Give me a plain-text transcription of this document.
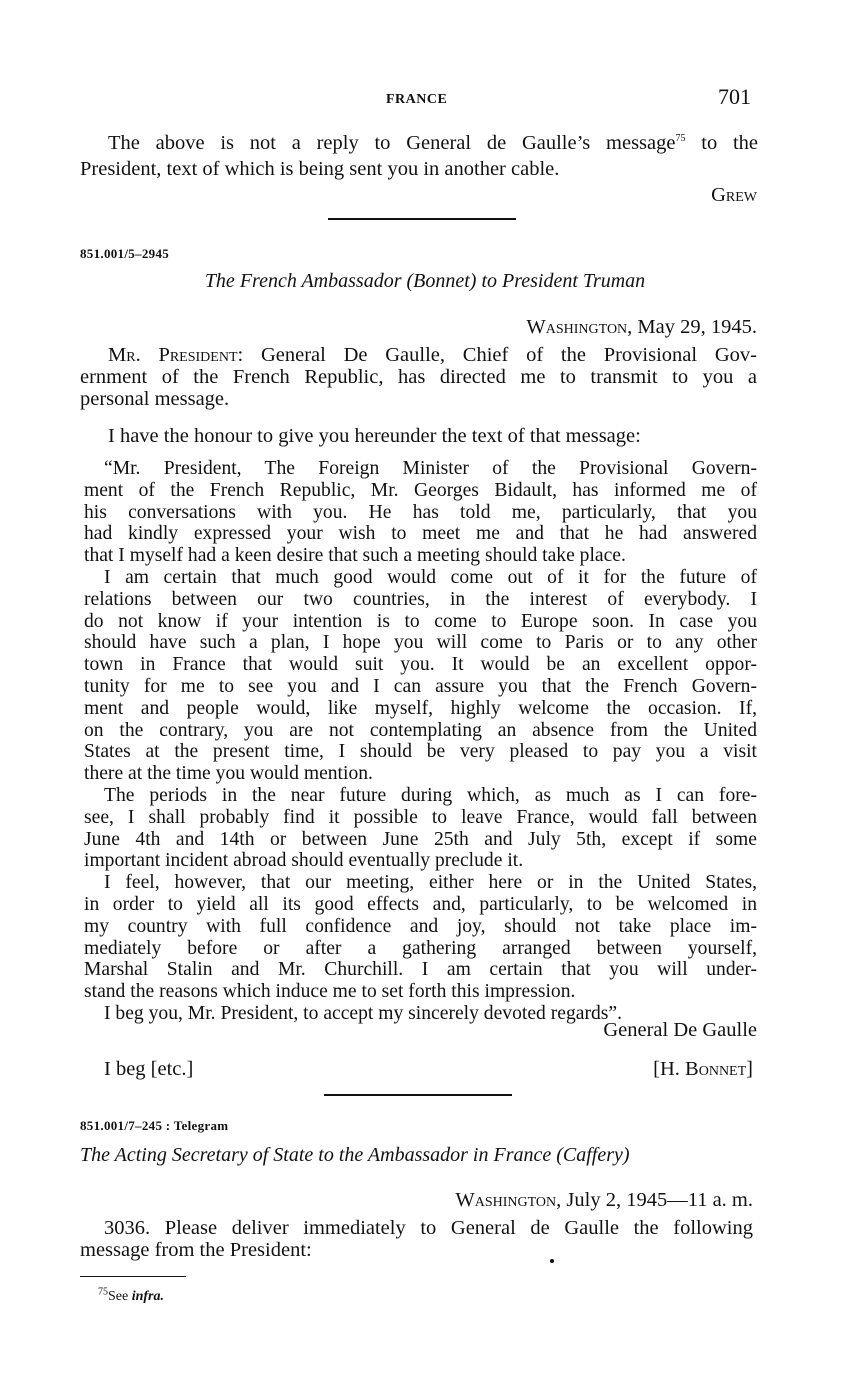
FRANCE	701
The above is not a reply to General de Gaulle’s message$^{75}$ to the
President, text of which is being sent you in another cable.
Grew
851.001/5–2945
The French Ambassador (Bonnet) to President Truman
Washington, May 29, 1945.
Mr. President: General De Gaulle, Chief of the Provisional Gov-
ernment of the French Republic, has directed me to transmit to you a
personal message.
I have the honour to give you hereunder the text of that message:
“Mr. President, The Foreign Minister of the Provisional Govern-
ment of the French Republic, Mr. Georges Bidault, has informed me of
his conversations with you. He has told me, particularly, that you
had kindly expressed your wish to meet me and that he had answered
that I myself had a keen desire that such a meeting should take place.
I am certain that much good would come out of it for the future of
relations between our two countries, in the interest of everybody. I
do not know if your intention is to come to Europe soon. In case you
should have such a plan, I hope you will come to Paris or to any other
town in France that would suit you. It would be an excellent oppor-
tunity for me to see you and I can assure you that the French Govern-
ment and people would, like myself, highly welcome the occasion. If,
on the contrary, you are not contemplating an absence from the United
States at the present time, I should be very pleased to pay you a visit
there at the time you would mention.
The periods in the near future during which, as much as I can fore-
see, I shall probably find it possible to leave France, would fall between
June 4th and 14th or between June 25th and July 5th, except if some
important incident abroad should eventually preclude it.
I feel, however, that our meeting, either here or in the United States,
in order to yield all its good effects and, particularly, to be welcomed in
my country with full confidence and joy, should not take place im-
mediately before or after a gathering arranged between yourself,
Marshal Stalin and Mr. Churchill. I am certain that you will under-
stand the reasons which induce me to set forth this impression.
I beg you, Mr. President, to accept my sincerely devoted regards”.
General De Gaulle
I beg [etc.]	[H. Bonnet]
851.001/7–245 : Telegram
The Acting Secretary of State to the Ambassador in France (Caffery)
Washington, July 2, 1945—11 a. m.
3036. Please deliver immediately to General de Gaulle the following
message from the President:
$^{75}$See infra.
